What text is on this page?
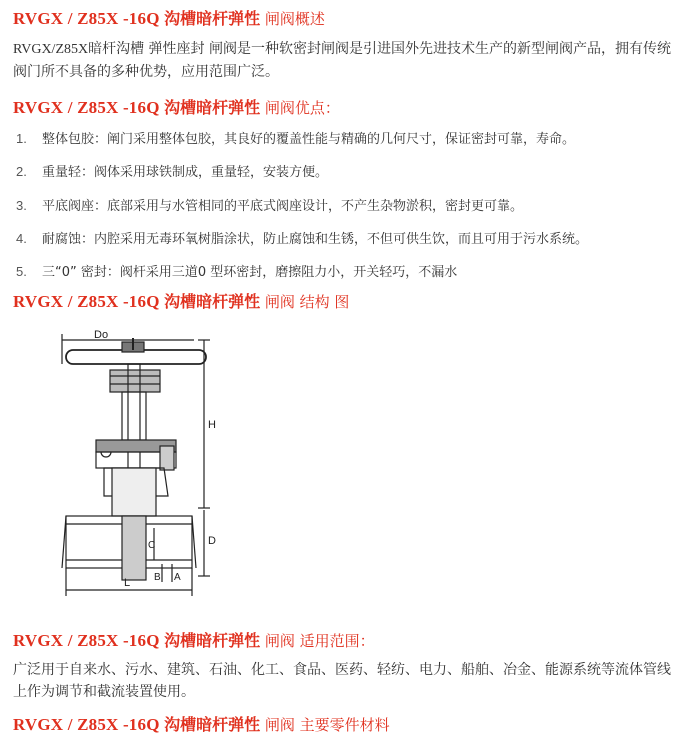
RVGX / Z85X -16Q 沟槽暗杆弹性 闸阀概述
RVGX/Z85X暗杆沟槽 弹性座封 闸阀是一种软密封闸阀是引进国外先进技术生产的新型闸阀产品，拥有传统阀门所不具备的多种优势，应用范围广泛。
RVGX / Z85X -16Q 沟槽暗杆弹性 闸阀优点：
1. 整体包胶：阐门采用整体包胶，其良好的覆盖性能与精确的几何尺寸，保证密封可靠，寿命。
2. 重量轻：阀体采用球铁制成，重量轻，安装方便。
3. 平底阀座：底部采用与水管相同的平底式阀座设计，不产生杂物淤积，密封更可靠。
4. 耐腐蚀：内腔采用无毒环氧树脂涂状，防止腐蚀和生锈，不但可供生饮，而且可用于污水系统。
5. 三“0” 密封：阀杆采用三道0 型环密封，磨擦阻力小，开关轻巧，不漏水
RVGX / Z85X -16Q 沟槽暗杆弹性 闸阀 结构 图
Do
H
D
C
B A
L
RVGX / Z85X -16Q 沟槽暗杆弹性 闸阀 适用范围：
广泛用于自来水、污水、建筑、石油、化工、食品、医药、轻纺、电力、船舶、冶金、能源系统等流体管线上作为调节和截流装置使用。
RVGX / Z85X -16Q 沟槽暗杆弹性 闸阀 主要零件材料
